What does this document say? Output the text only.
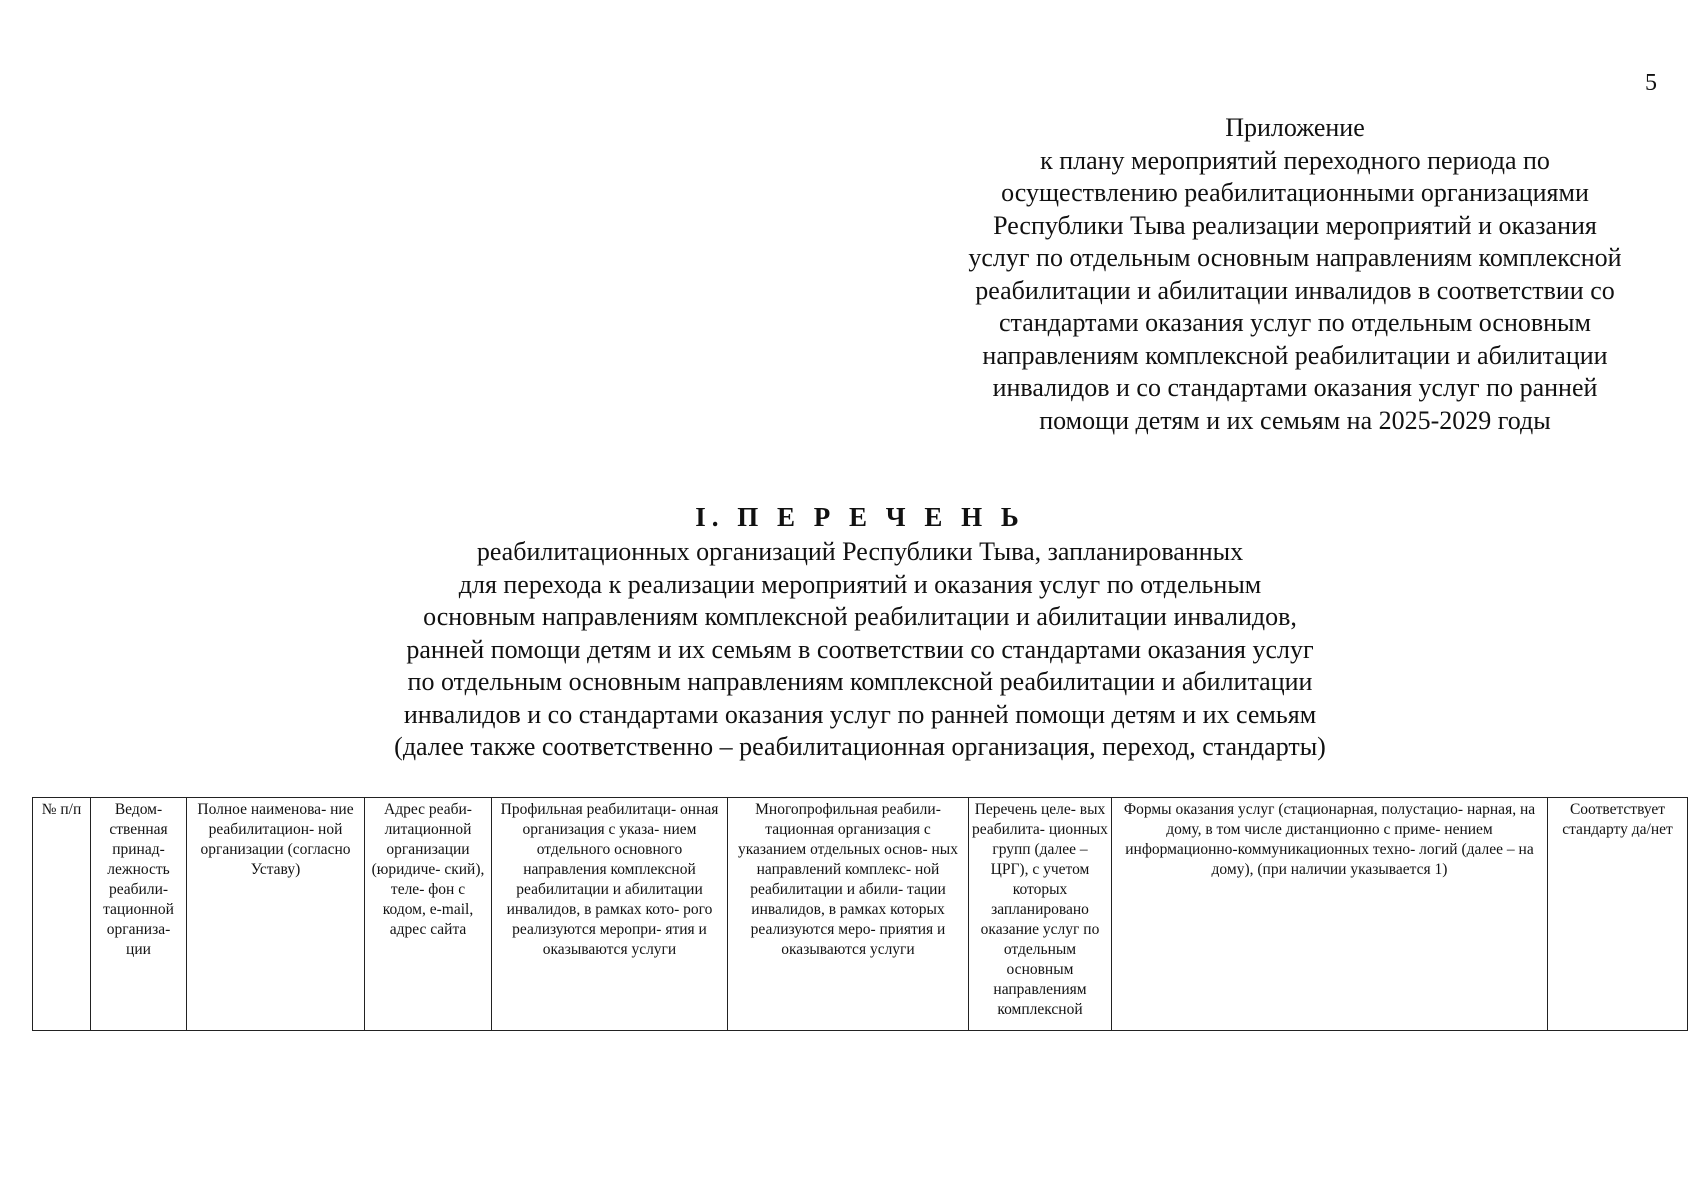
5
Приложение
к плану мероприятий переходного периода по
осуществлению реабилитационными организациями
Республики Тыва реализации мероприятий и оказания
услуг по отдельным основным направлениям комплексной
реабилитации и абилитации инвалидов в соответствии со
стандартами оказания услуг по отдельным основным
направлениям комплексной реабилитации и абилитации
инвалидов и со стандартами оказания услуг по ранней
помощи детям и их семьям на 2025-2029 годы
I. П Е Р Е Ч Е Н Ь
реабилитационных организаций Республики Тыва, запланированных
для перехода к реализации мероприятий и оказания услуг по отдельным
основным направлениям комплексной реабилитации и абилитации инвалидов,
ранней помощи детям и их семьям в соответствии со стандартами оказания услуг
по отдельным основным направлениям комплексной реабилитации и абилитации
инвалидов и со стандартами оказания услуг по ранней помощи детям и их семьям
(далее также соответственно – реабилитационная организация, переход, стандарты)
№ п/п	Ведом- ственная принад- лежность реабили- тационной организа- ции	Полное наименова- ние реабилитацион- ной организации (согласно Уставу)	Адрес реаби- литационной организации (юридиче- ский), теле- фон с кодом, e-mail, адрес сайта	Профильная реабилитаци- онная организация с указа- нием отдельного основного направления комплексной реабилитации и абилитации инвалидов, в рамках кото- рого реализуются меропри- ятия и оказываются услуги	Многопрофильная реабили- тационная организация с указанием отдельных основ- ных направлений комплекс- ной реабилитации и абили- тации инвалидов, в рамках которых реализуются меро- приятия и оказываются услуги	Перечень целе- вых реабилита- ционных групп (далее – ЦРГ), с учетом которых запланировано оказание услуг по отдельным основным направлениям комплексной	Формы оказания услуг (стационарная, полустацио- нарная, на дому, в том числе дистанционно с приме- нением информационно-коммуникационных техно- логий (далее – на дому), (при наличии указывается 1)	Соответствует стандарту да/нет
